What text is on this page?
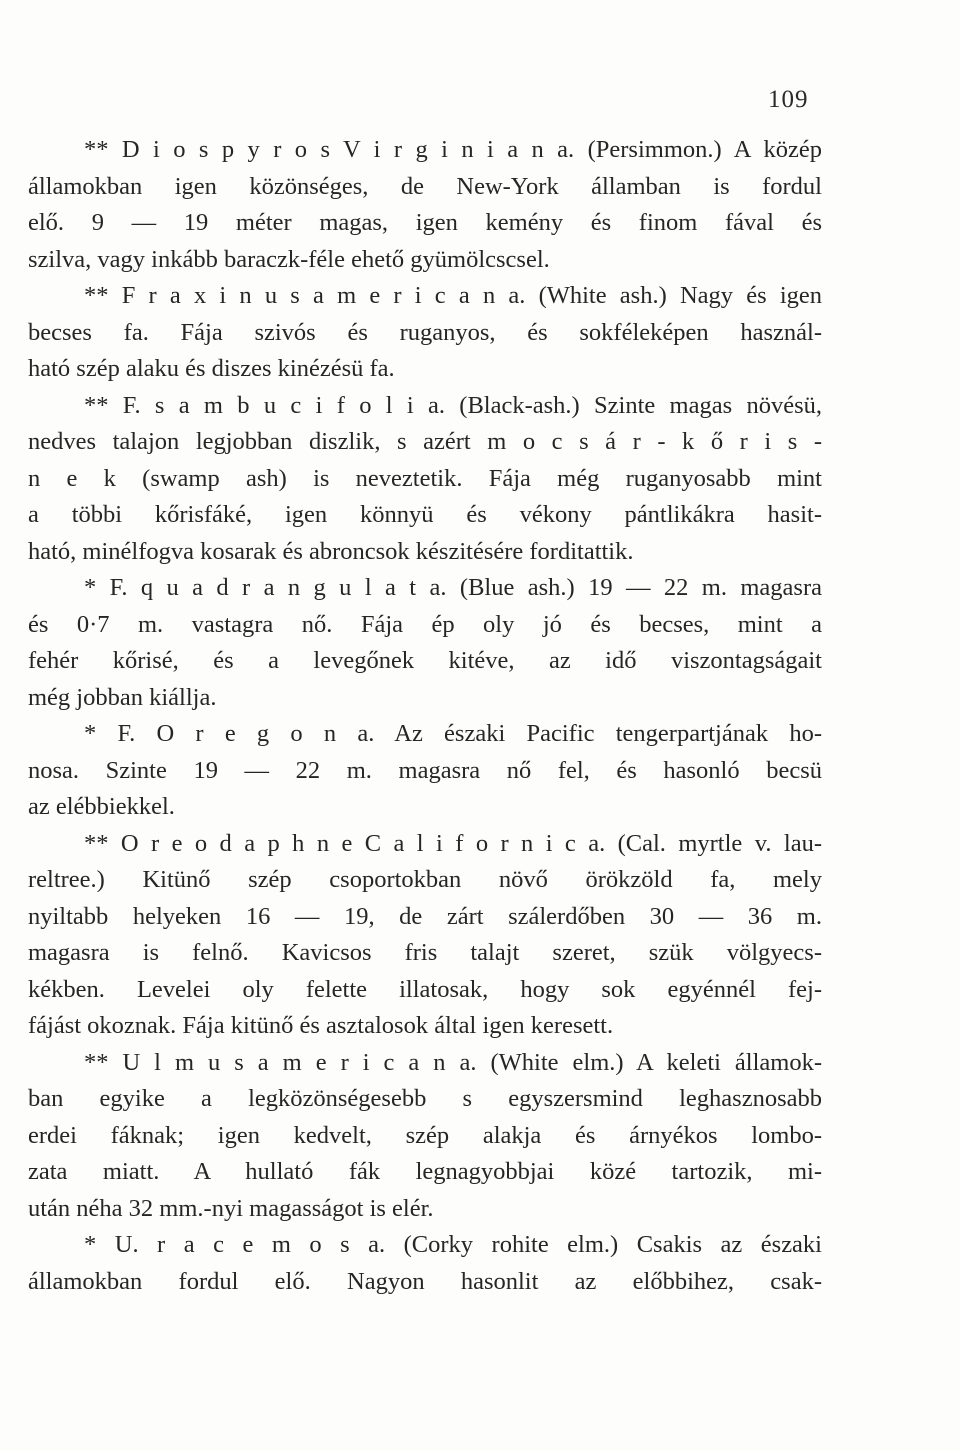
109
** D i o s p y r o s V i r g i n i a n a. (Persimmon.) A közép
államokban igen közönséges, de New-York államban is fordul
elő. 9 — 19 méter magas, igen kemény és finom fával és
szilva, vagy inkább baraczk-féle ehető gyümölcscsel.
** F r a x i n u s a m e r i c a n a. (White ash.) Nagy és igen
becses fa. Fája szivós és ruganyos, és sokféleképen használ-
ható szép alaku és diszes kinézésü fa.
** F. s a m b u c i f o l i a. (Black-ash.) Szinte magas növésü,
nedves talajon legjobban diszlik, s azért m o c s á r - k ő r i s -
n e k (swamp ash) is neveztetik. Fája még ruganyosabb mint
a többi kőrisfáké, igen könnyü és vékony pántlikákra hasit-
ható, minélfogva kosarak és abroncsok készitésére forditattik.
* F. q u a d r a n g u l a t a. (Blue ash.) 19 — 22 m. magasra
és 0·7 m. vastagra nő. Fája ép oly jó és becses, mint a
fehér kőrisé, és a levegőnek kitéve, az idő viszontagságait
még jobban kiállja.
* F. O r e g o n a. Az északi Pacific tengerpartjának ho-
nosa. Szinte 19 — 22 m. magasra nő fel, és hasonló becsü
az elébbiekkel.
** O r e o d a p h n e C a l i f o r n i c a. (Cal. myrtle v. lau-
reltree.) Kitünő szép csoportokban növő örökzöld fa, mely
nyiltabb helyeken 16 — 19, de zárt szálerdőben 30 — 36 m.
magasra is felnő. Kavicsos fris talajt szeret, szük völgyecs-
kékben. Levelei oly felette illatosak, hogy sok egyénnél fej-
fájást okoznak. Fája kitünő és asztalosok által igen keresett.
** U l m u s a m e r i c a n a. (White elm.) A keleti államok-
ban egyike a legközönségesebb s egyszersmind leghasznosabb
erdei fáknak; igen kedvelt, szép alakja és árnyékos lombo-
zata miatt. A hullató fák legnagyobbjai közé tartozik, mi-
után néha 32 mm.-nyi magasságot is elér.
* U. r a c e m o s a. (Corky rohite elm.) Csakis az északi
államokban fordul elő. Nagyon hasonlit az előbbihez, csak-
